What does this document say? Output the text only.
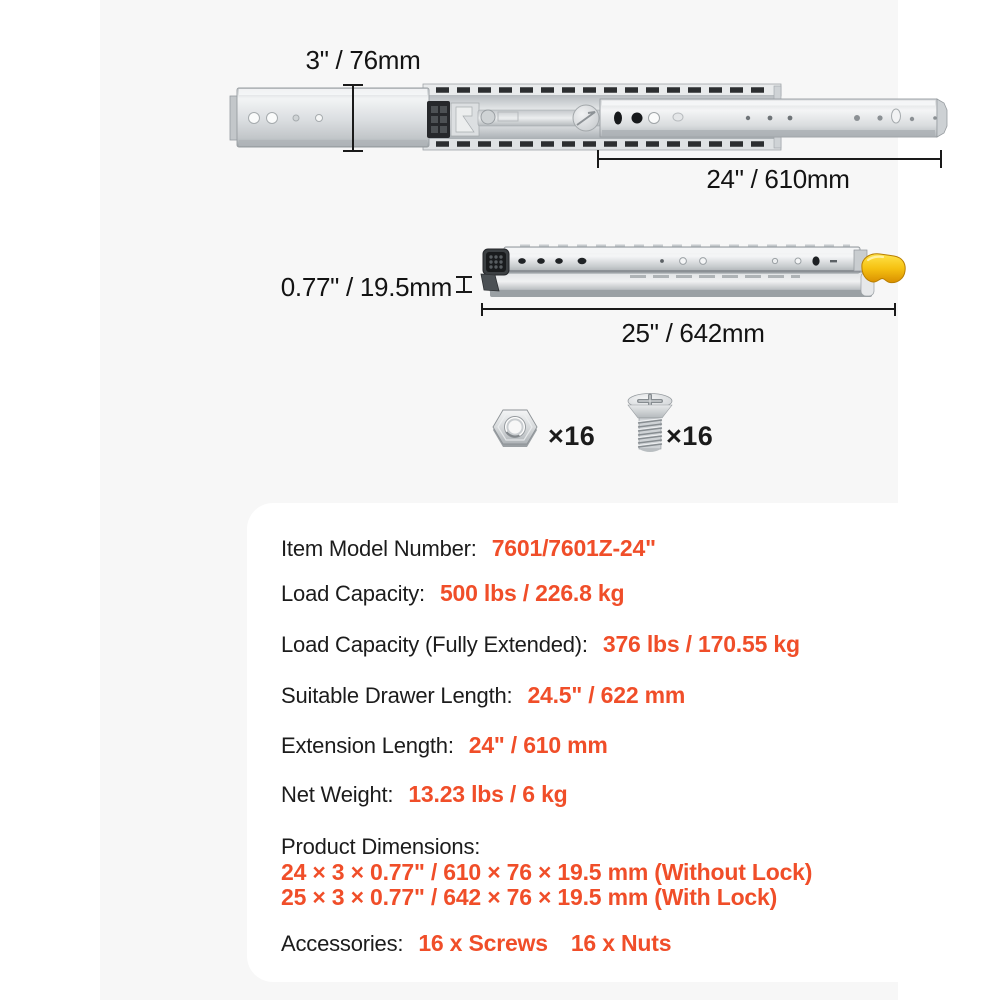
3" / 76mm
24" / 610mm
0.77" / 19.5mm
25" / 642mm
×16	×16
Item Model Number: 7601/7601Z-24"
Load Capacity: 500 lbs / 226.8 kg
Load Capacity (Fully Extended): 376 lbs / 170.55 kg
Suitable Drawer Length: 24.5" / 622 mm
Extension Length: 24" / 610 mm
Net Weight: 13.23 lbs / 6 kg
Product Dimensions:
24 × 3 × 0.77" / 610 × 76 × 19.5 mm (Without Lock)
25 × 3 × 0.77" / 642 × 76 × 19.5 mm (With Lock)
Accessories: 16 x Screws 16 x Nuts
